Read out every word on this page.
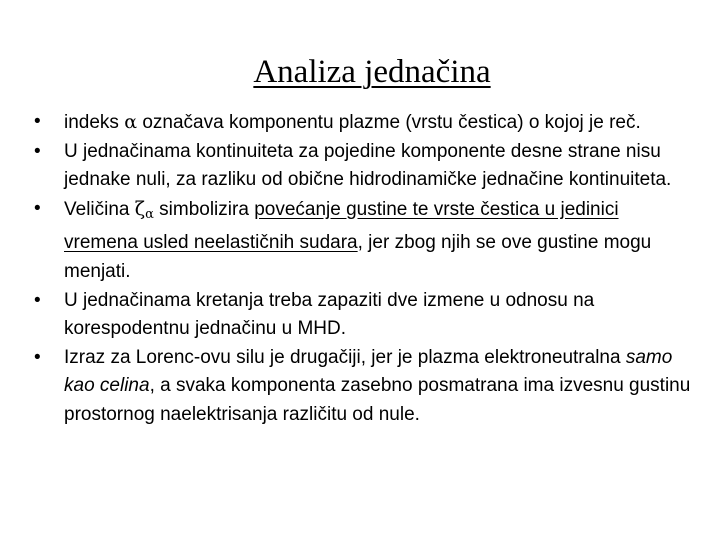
Analiza jednačina
•	indeks α označava komponentu plazme (vrstu čestica) o kojoj je reč.
•	U jednačinama kontinuiteta za pojedine komponente desne strane nisu jednake nuli, za razliku od obične hidrodinamičke jednačine kontinuiteta.
•	Veličina $\zeta_\alpha$ simbolizira povećanje gustine te vrste čestica u jedinici vremena usled neelastičnih sudara, jer zbog njih se ove gustine mogu menjati.
•	U jednačinama kretanja treba zapaziti dve izmene u odnosu na korespodentnu jednačinu u MHD.
•	Izraz za Lorenc-ovu silu je drugačiji, jer je plazma elektroneutralna samo kao celina, a svaka komponenta zasebno posmatrana ima izvesnu gustinu prostornog naelektrisanja različitu od nule.
